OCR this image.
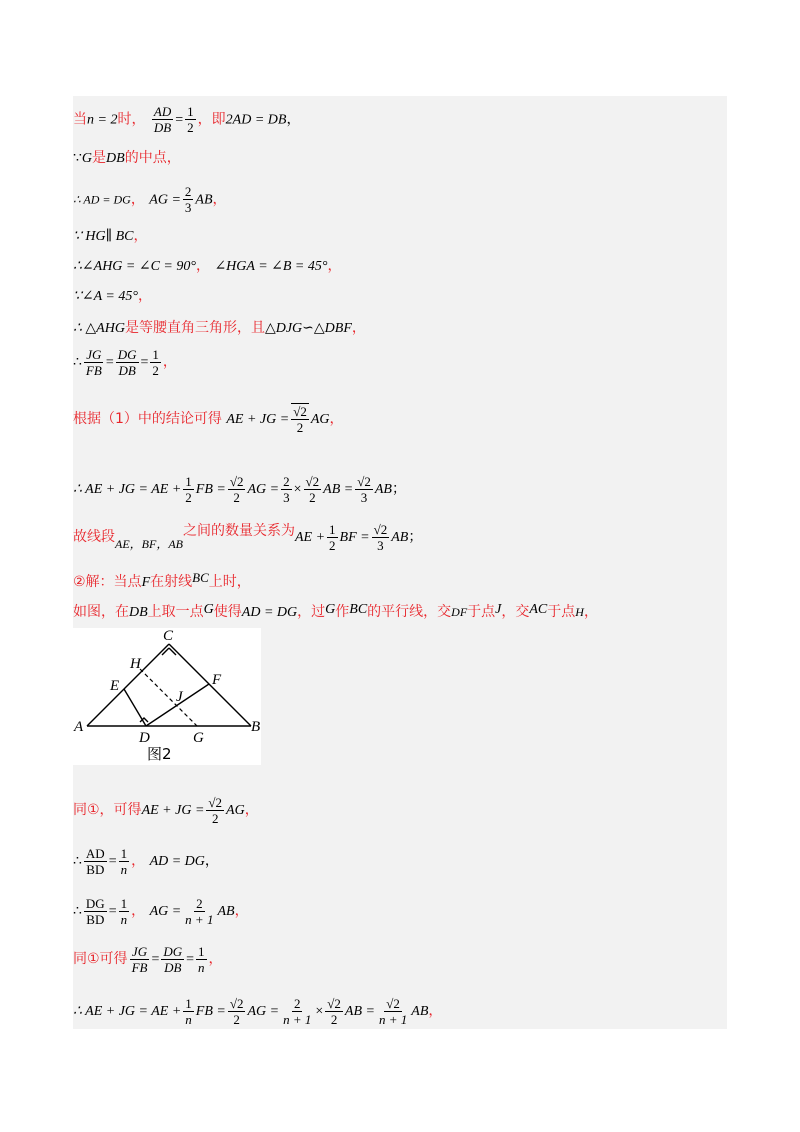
当n = 2时， $\frac{AD}{DB} = \frac{1}{2}$ ，即2AD = DB，
∵G是DB的中点，
∴ AD = DG， AG = $\frac{2}{3}$ AB，
∵ HG∥ BC，
∴∠AHG = ∠C = 90°， ∠HGA = ∠B = 45°，
∵∠A = 45°，
∴ △AHG是等腰直角三角形，且△DJG∽△DBF，
∴ $\frac{JG}{FB} = \frac{DG}{DB} = \frac{1}{2}$ ，
根据（1）中的结论可得 AE + JG = $\frac{√2}{2}$ AG，
∴ AE + JG = AE + $\frac{1}{2}$ FB = $\frac{√2}{2}$ AG = $\frac{2}{3} \times \frac{√2}{2}$ AB = $\frac{√2}{3}$ AB；
故线段AE，BF，AB之间的数量关系为AE + $\frac{1}{2}$ BF = $\frac{√2}{3}$ AB；
②解：当点F在射线BC上时，
如图，在DB上取一点G使得AD = DG，过G作BC的平行线，交DF于点J，交AC于点H，
C
H
E	F
J
A	B
D	G
图2
同①，可得AE + JG = $\frac{√2}{2}$ AG，
∴ $\frac{AD}{BD} = \frac{1}{n}$ ， AD = DG，
∴ $\frac{DG}{BD} = \frac{1}{n}$ ， AG = $\frac{2}{n + 1}$ AB，
同①可得 $\frac{JG}{FB} = \frac{DG}{DB} = \frac{1}{n}$ ，
∴ AE + JG = AE + $\frac{1}{n}$ FB = $\frac{√2}{2}$ AG = $\frac{2}{n + 1} \times \frac{√2}{2}$ AB = $\frac{√2}{n + 1}$ AB，
